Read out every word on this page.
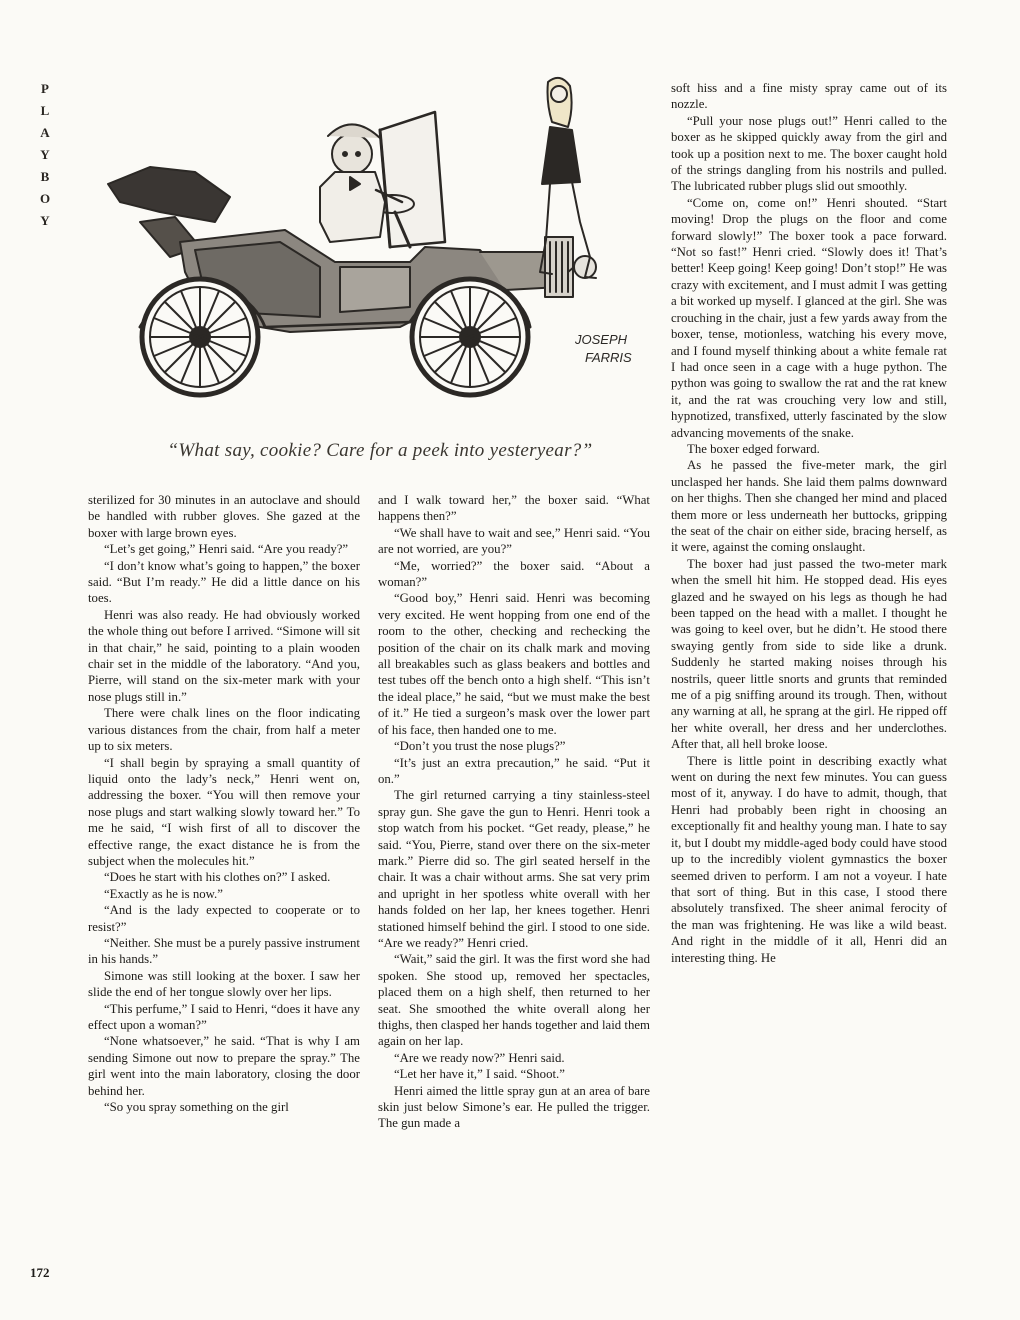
P
L
A
Y
B
O
Y
JOSEPH
FARRIS
“What say, cookie? Care for a peek into yesteryear?”

sterilized for 30 minutes in an autoclave and should be handled with rubber gloves. She gazed at the boxer with large brown eyes.

“Let’s get going,” Henri said. “Are you ready?”

“I don’t know what’s going to happen,” the boxer said. “But I’m ready.” He did a little dance on his toes.

Henri was also ready. He had obviously worked the whole thing out before I arrived. “Simone will sit in that chair,” he said, pointing to a plain wooden chair set in the middle of the laboratory. “And you, Pierre, will stand on the six-meter mark with your nose plugs still in.”

There were chalk lines on the floor indicating various distances from the chair, from half a meter up to six meters.

“I shall begin by spraying a small quantity of liquid onto the lady’s neck,” Henri went on, addressing the boxer. “You will then remove your nose plugs and start walking slowly toward her.” To me he said, “I wish first of all to discover the effective range, the exact distance he is from the subject when the molecules hit.”

“Does he start with his clothes on?” I asked.

“Exactly as he is now.”

“And is the lady expected to cooperate or to resist?”

“Neither. She must be a purely passive instrument in his hands.”

Simone was still looking at the boxer. I saw her slide the end of her tongue slowly over her lips.

“This perfume,” I said to Henri, “does it have any effect upon a woman?”

“None whatsoever,” he said. “That is why I am sending Simone out now to prepare the spray.” The girl went into the main laboratory, closing the door behind her.

“So you spray something on the girl

and I walk toward her,” the boxer said. “What happens then?”

“We shall have to wait and see,” Henri said. “You are not worried, are you?”

“Me, worried?” the boxer said. “About a woman?”

“Good boy,” Henri said. Henri was becoming very excited. He went hopping from one end of the room to the other, checking and rechecking the position of the chair on its chalk mark and moving all breakables such as glass beakers and bottles and test tubes off the bench onto a high shelf. “This isn’t the ideal place,” he said, “but we must make the best of it.” He tied a surgeon’s mask over the lower part of his face, then handed one to me.

“Don’t you trust the nose plugs?”

“It’s just an extra precaution,” he said. “Put it on.”

The girl returned carrying a tiny stainless-steel spray gun. She gave the gun to Henri. Henri took a stop watch from his pocket. “Get ready, please,” he said. “You, Pierre, stand over there on the six-meter mark.” Pierre did so. The girl seated herself in the chair. It was a chair without arms. She sat very prim and upright in her spotless white overall with her hands folded on her lap, her knees together. Henri stationed himself behind the girl. I stood to one side. “Are we ready?” Henri cried.

“Wait,” said the girl. It was the first word she had spoken. She stood up, removed her spectacles, placed them on a high shelf, then returned to her seat. She smoothed the white overall along her thighs, then clasped her hands together and laid them again on her lap.

“Are we ready now?” Henri said.

“Let her have it,” I said. “Shoot.”

Henri aimed the little spray gun at an area of bare skin just below Simone’s ear. He pulled the trigger. The gun made a

soft hiss and a fine misty spray came out of its nozzle.

“Pull your nose plugs out!” Henri called to the boxer as he skipped quickly away from the girl and took up a position next to me. The boxer caught hold of the strings dangling from his nostrils and pulled. The lubricated rubber plugs slid out smoothly.

“Come on, come on!” Henri shouted. “Start moving! Drop the plugs on the floor and come forward slowly!” The boxer took a pace forward. “Not so fast!” Henri cried. “Slowly does it! That’s better! Keep going! Keep going! Don’t stop!” He was crazy with excitement, and I must admit I was getting a bit worked up myself. I glanced at the girl. She was crouching in the chair, just a few yards away from the boxer, tense, motionless, watching his every move, and I found myself thinking about a white female rat I had once seen in a cage with a huge python. The python was going to swallow the rat and the rat knew it, and the rat was crouching very low and still, hypnotized, transfixed, utterly fascinated by the slow advancing movements of the snake.

The boxer edged forward.

As he passed the five-meter mark, the girl unclasped her hands. She laid them palms downward on her thighs. Then she changed her mind and placed them more or less underneath her buttocks, gripping the seat of the chair on either side, bracing herself, as it were, against the coming onslaught.

The boxer had just passed the two-meter mark when the smell hit him. He stopped dead. His eyes glazed and he swayed on his legs as though he had been tapped on the head with a mallet. I thought he was going to keel over, but he didn’t. He stood there swaying gently from side to side like a drunk. Suddenly he started making noises through his nostrils, queer little snorts and grunts that reminded me of a pig sniffing around its trough. Then, without any warning at all, he sprang at the girl. He ripped off her white overall, her dress and her underclothes. After that, all hell broke loose.

There is little point in describing exactly what went on during the next few minutes. You can guess most of it, anyway. I do have to admit, though, that Henri had probably been right in choosing an exceptionally fit and healthy young man. I hate to say it, but I doubt my middle-aged body could have stood up to the incredibly violent gymnastics the boxer seemed driven to perform. I am not a voyeur. I hate that sort of thing. But in this case, I stood there absolutely transfixed. The sheer animal ferocity of the man was frightening. He was like a wild beast. And right in the middle of it all, Henri did an interesting thing. He

172
